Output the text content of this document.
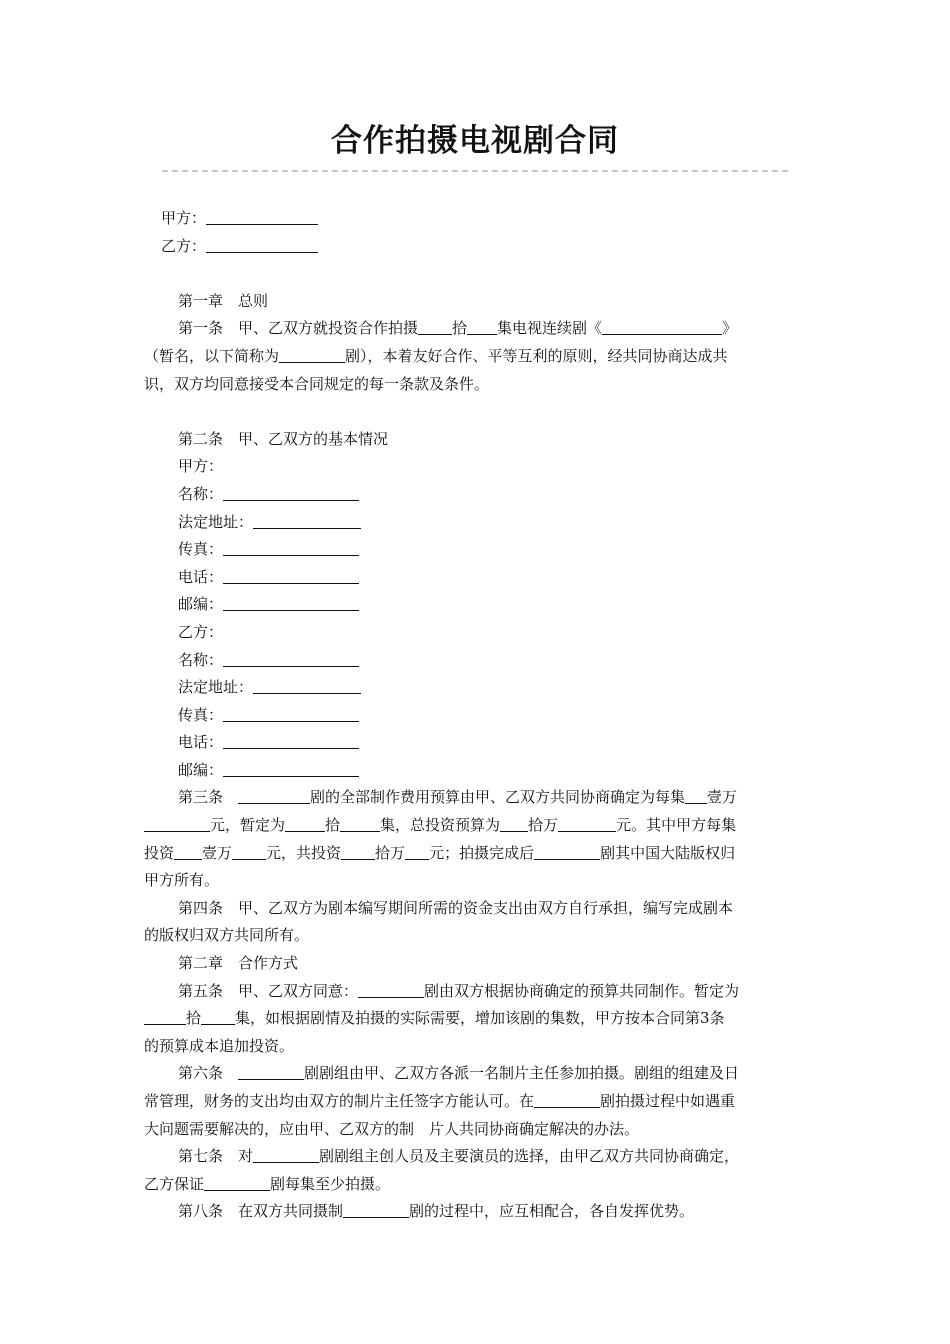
合作拍摄电视剧合同
甲方：
乙方：
第一章　总则
第一条　甲、乙双方就投资合作拍摄 拾 集电视连续剧《	》
（暂名，以下简称为	剧），本着友好合作、平等互利的原则，经共同协商达成共
识，双方均同意接受本合同规定的每一条款及条件。
第二条　甲、乙双方的基本情况
甲方：
名称：
法定地址：
传真：
电话：
邮编：
乙方：
名称：
法定地址：
传真：
电话：
邮编：
第三条　	剧的全部制作费用预算由甲、乙双方共同协商确定为每集 壹万
元，暂定为	拾	集，总投资预算为 拾万	元。其中甲方每集
投资 壹万 元，共投资 拾万 元；拍摄完成后	剧其中国大陆版权归
甲方所有。
第四条　甲、乙双方为剧本编写期间所需的资金支出由双方自行承担，编写完成剧本
的版权归双方共同所有。
第二章　合作方式
第五条　甲、乙双方同意：	剧由双方根据协商确定的预算共同制作。暂定为
拾 集，如根据剧情及拍摄的实际需要，增加该剧的集数，甲方按本合同第3条
的预算成本追加投资。
第六条　	剧剧组由甲、乙双方各派一名制片主任参加拍摄。剧组的组建及日
常管理，财务的支出均由双方的制片主任签字方能认可。在	剧拍摄过程中如遇重
大问题需要解决的，应由甲、乙双方的制　片人共同协商确定解决的办法。
第七条　对	剧剧组主创人员及主要演员的选择，由甲乙双方共同协商确定，
乙方保证	剧每集至少拍摄。
第八条　在双方共同摄制	剧的过程中，应互相配合，各自发挥优势。
